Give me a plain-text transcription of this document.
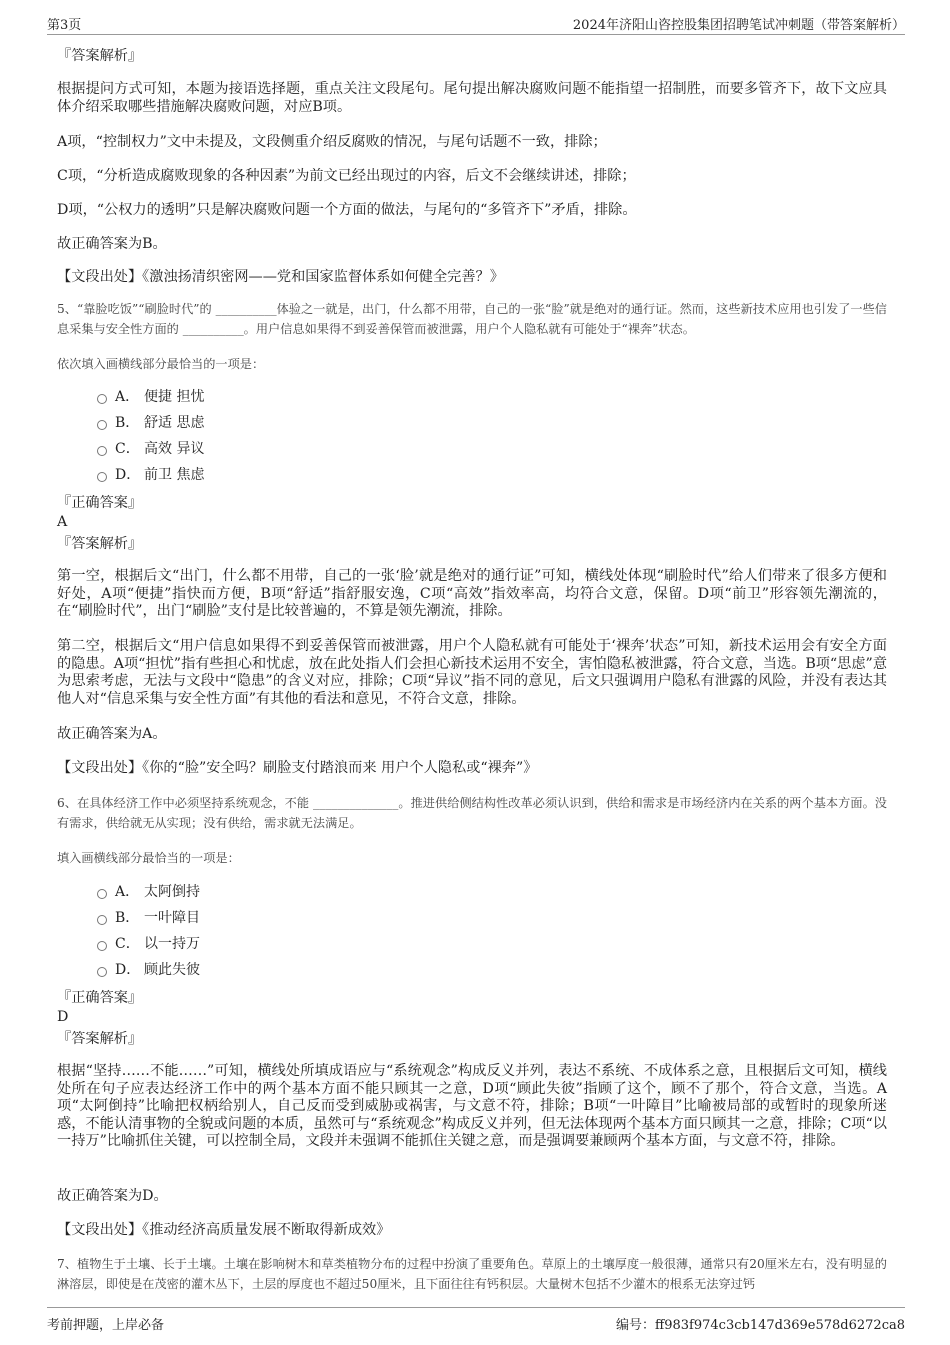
第3页	2024年济阳山咨控股集团招聘笔试冲刺题（带答案解析）
『答案解析』

根据提问方式可知，本题为接语选择题，重点关注文段尾句。尾句提出解决腐败问题不能指望一招制胜，而要多管齐下，故下文应具体介绍采取哪些措施解决腐败问题，对应B项。

A项，“控制权力”文中未提及，文段侧重介绍反腐败的情况，与尾句话题不一致，排除；

C项，“分析造成腐败现象的各种因素”为前文已经出现过的内容，后文不会继续讲述，排除；

D项，“公权力的透明”只是解决腐败问题一个方面的做法，与尾句的“多管齐下”矛盾，排除。

故正确答案为B。

【文段出处】《激浊扬清织密网——党和国家监督体系如何健全完善？》

5、“靠脸吃饭”“刷脸时代”的 __________体验之一就是，出门，什么都不用带，自己的一张“脸”就是绝对的通行证。然而，这些新技术应用也引发了一些信息采集与安全性方面的 __________。用户信息如果得不到妥善保管而被泄露，用户个人隐私就有可能处于“裸奔”状态。

依次填入画横线部分最恰当的一项是：

A． 便捷 担忧
B． 舒适 思虑
C． 高效 异议
D． 前卫 焦虑
『正确答案』
A
『答案解析』

第一空，根据后文“出门，什么都不用带，自己的一张‘脸’就是绝对的通行证”可知，横线处体现“刷脸时代”给人们带来了很多方便和好处，A项“便捷”指快而方便，B项“舒适”指舒服安逸，C项“高效”指效率高，均符合文意，保留。D项“前卫”形容领先潮流的，在“刷脸时代”，出门“刷脸”支付是比较普遍的，不算是领先潮流，排除。

第二空，根据后文“用户信息如果得不到妥善保管而被泄露，用户个人隐私就有可能处于‘裸奔’状态”可知，新技术运用会有安全方面的隐患。A项“担忧”指有些担心和忧虑，放在此处指人们会担心新技术运用不安全，害怕隐私被泄露，符合文意，当选。B项“思虑”意为思索考虑，无法与文段中“隐患”的含义对应，排除；C项“异议”指不同的意见，后文只强调用户隐私有泄露的风险，并没有表达其他人对“信息采集与安全性方面”有其他的看法和意见，不符合文意，排除。

故正确答案为A。

【文段出处】《你的“脸”安全吗？刷脸支付踏浪而来 用户个人隐私或“裸奔”》

6、在具体经济工作中必须坚持系统观念，不能 ______________。推进供给侧结构性改革必须认识到，供给和需求是市场经济内在关系的两个基本方面。没有需求，供给就无从实现；没有供给，需求就无法满足。

填入画横线部分最恰当的一项是：

A． 太阿倒持
B． 一叶障目
C． 以一持万
D． 顾此失彼
『正确答案』
D
『答案解析』

根据“坚持……不能……”可知，横线处所填成语应与“系统观念”构成反义并列，表达不系统、不成体系之意，且根据后文可知，横线处所在句子应表达经济工作中的两个基本方面不能只顾其一之意，D项“顾此失彼”指顾了这个，顾不了那个，符合文意，当选。A项“太阿倒持”比喻把权柄给别人，自己反而受到威胁或祸害，与文意不符，排除；B项“一叶障目”比喻被局部的或暂时的现象所迷惑，不能认清事物的全貌或问题的本质，虽然可与“系统观念”构成反义并列，但无法体现两个基本方面只顾其一之意，排除；C项“以一持万”比喻抓住关键，可以控制全局，文段并未强调不能抓住关键之意，而是强调要兼顾两个基本方面，与文意不符，排除。

故正确答案为D。

【文段出处】《推动经济高质量发展不断取得新成效》

7、植物生于土壤、长于土壤。土壤在影响树木和草类植物分布的过程中扮演了重要角色。草原上的土壤厚度一般很薄，通常只有20厘米左右，没有明显的淋溶层，即使是在茂密的灌木丛下，土层的厚度也不超过50厘米，且下面往往有钙积层。大量树木包括不少灌木的根系无法穿过钙

考前押题，上岸必备	编号：ff983f974c3cb147d369e578d6272ca8
